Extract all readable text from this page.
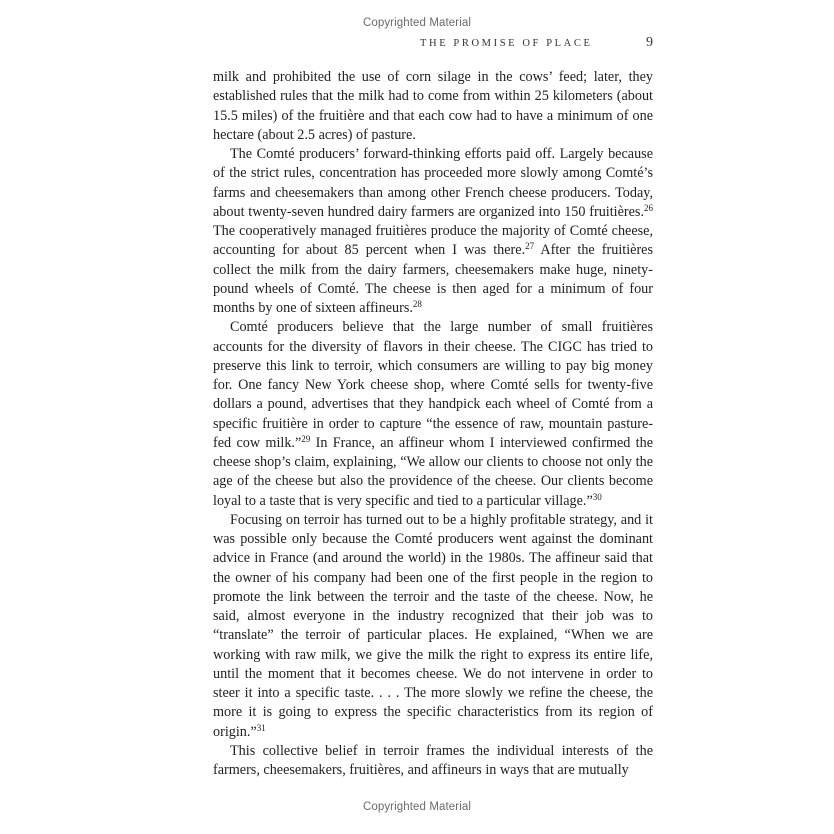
Copyrighted Material
THE PROMISE OF PLACE	9

milk and prohibited the use of corn silage in the cows’ feed; later, they established rules that the milk had to come from within 25 kilometers (about 15.5 miles) of the fruitière and that each cow had to have a minimum of one hectare (about 2.5 acres) of pasture.

The Comté producers’ forward-thinking efforts paid off. Largely because of the strict rules, concentration has proceeded more slowly among Comté’s farms and cheesemakers than among other French cheese producers. Today, about twenty-seven hundred dairy farmers are organized into 150 fruitières.$^{26}$ The cooperatively managed fruitières produce the majority of Comté cheese, accounting for about 85 percent when I was there.$^{27}$ After the fruitières collect the milk from the dairy farmers, cheesemakers make huge, ninety-pound wheels of Comté. The cheese is then aged for a minimum of four months by one of sixteen affineurs.$^{28}$

Comté producers believe that the large number of small fruitières accounts for the diversity of flavors in their cheese. The CIGC has tried to preserve this link to terroir, which consumers are willing to pay big money for. One fancy New York cheese shop, where Comté sells for twenty-five dollars a pound, advertises that they handpick each wheel of Comté from a specific fruitière in order to capture “the essence of raw, mountain pasture-fed cow milk.”$^{29}$ In France, an affineur whom I interviewed confirmed the cheese shop’s claim, explaining, “We allow our clients to choose not only the age of the cheese but also the providence of the cheese. Our clients become loyal to a taste that is very specific and tied to a particular village.”$^{30}$

Focusing on terroir has turned out to be a highly profitable strategy, and it was possible only because the Comté producers went against the dominant advice in France (and around the world) in the 1980s. The affineur said that the owner of his company had been one of the first people in the region to promote the link between the terroir and the taste of the cheese. Now, he said, almost everyone in the industry recognized that their job was to “translate” the terroir of particular places. He explained, “When we are working with raw milk, we give the milk the right to express its entire life, until the moment that it becomes cheese. We do not intervene in order to steer it into a specific taste. . . . The more slowly we refine the cheese, the more it is going to express the specific characteristics from its region of origin.”$^{31}$

This collective belief in terroir frames the individual interests of the farmers, cheesemakers, fruitières, and affineurs in ways that are mutually

Copyrighted Material
